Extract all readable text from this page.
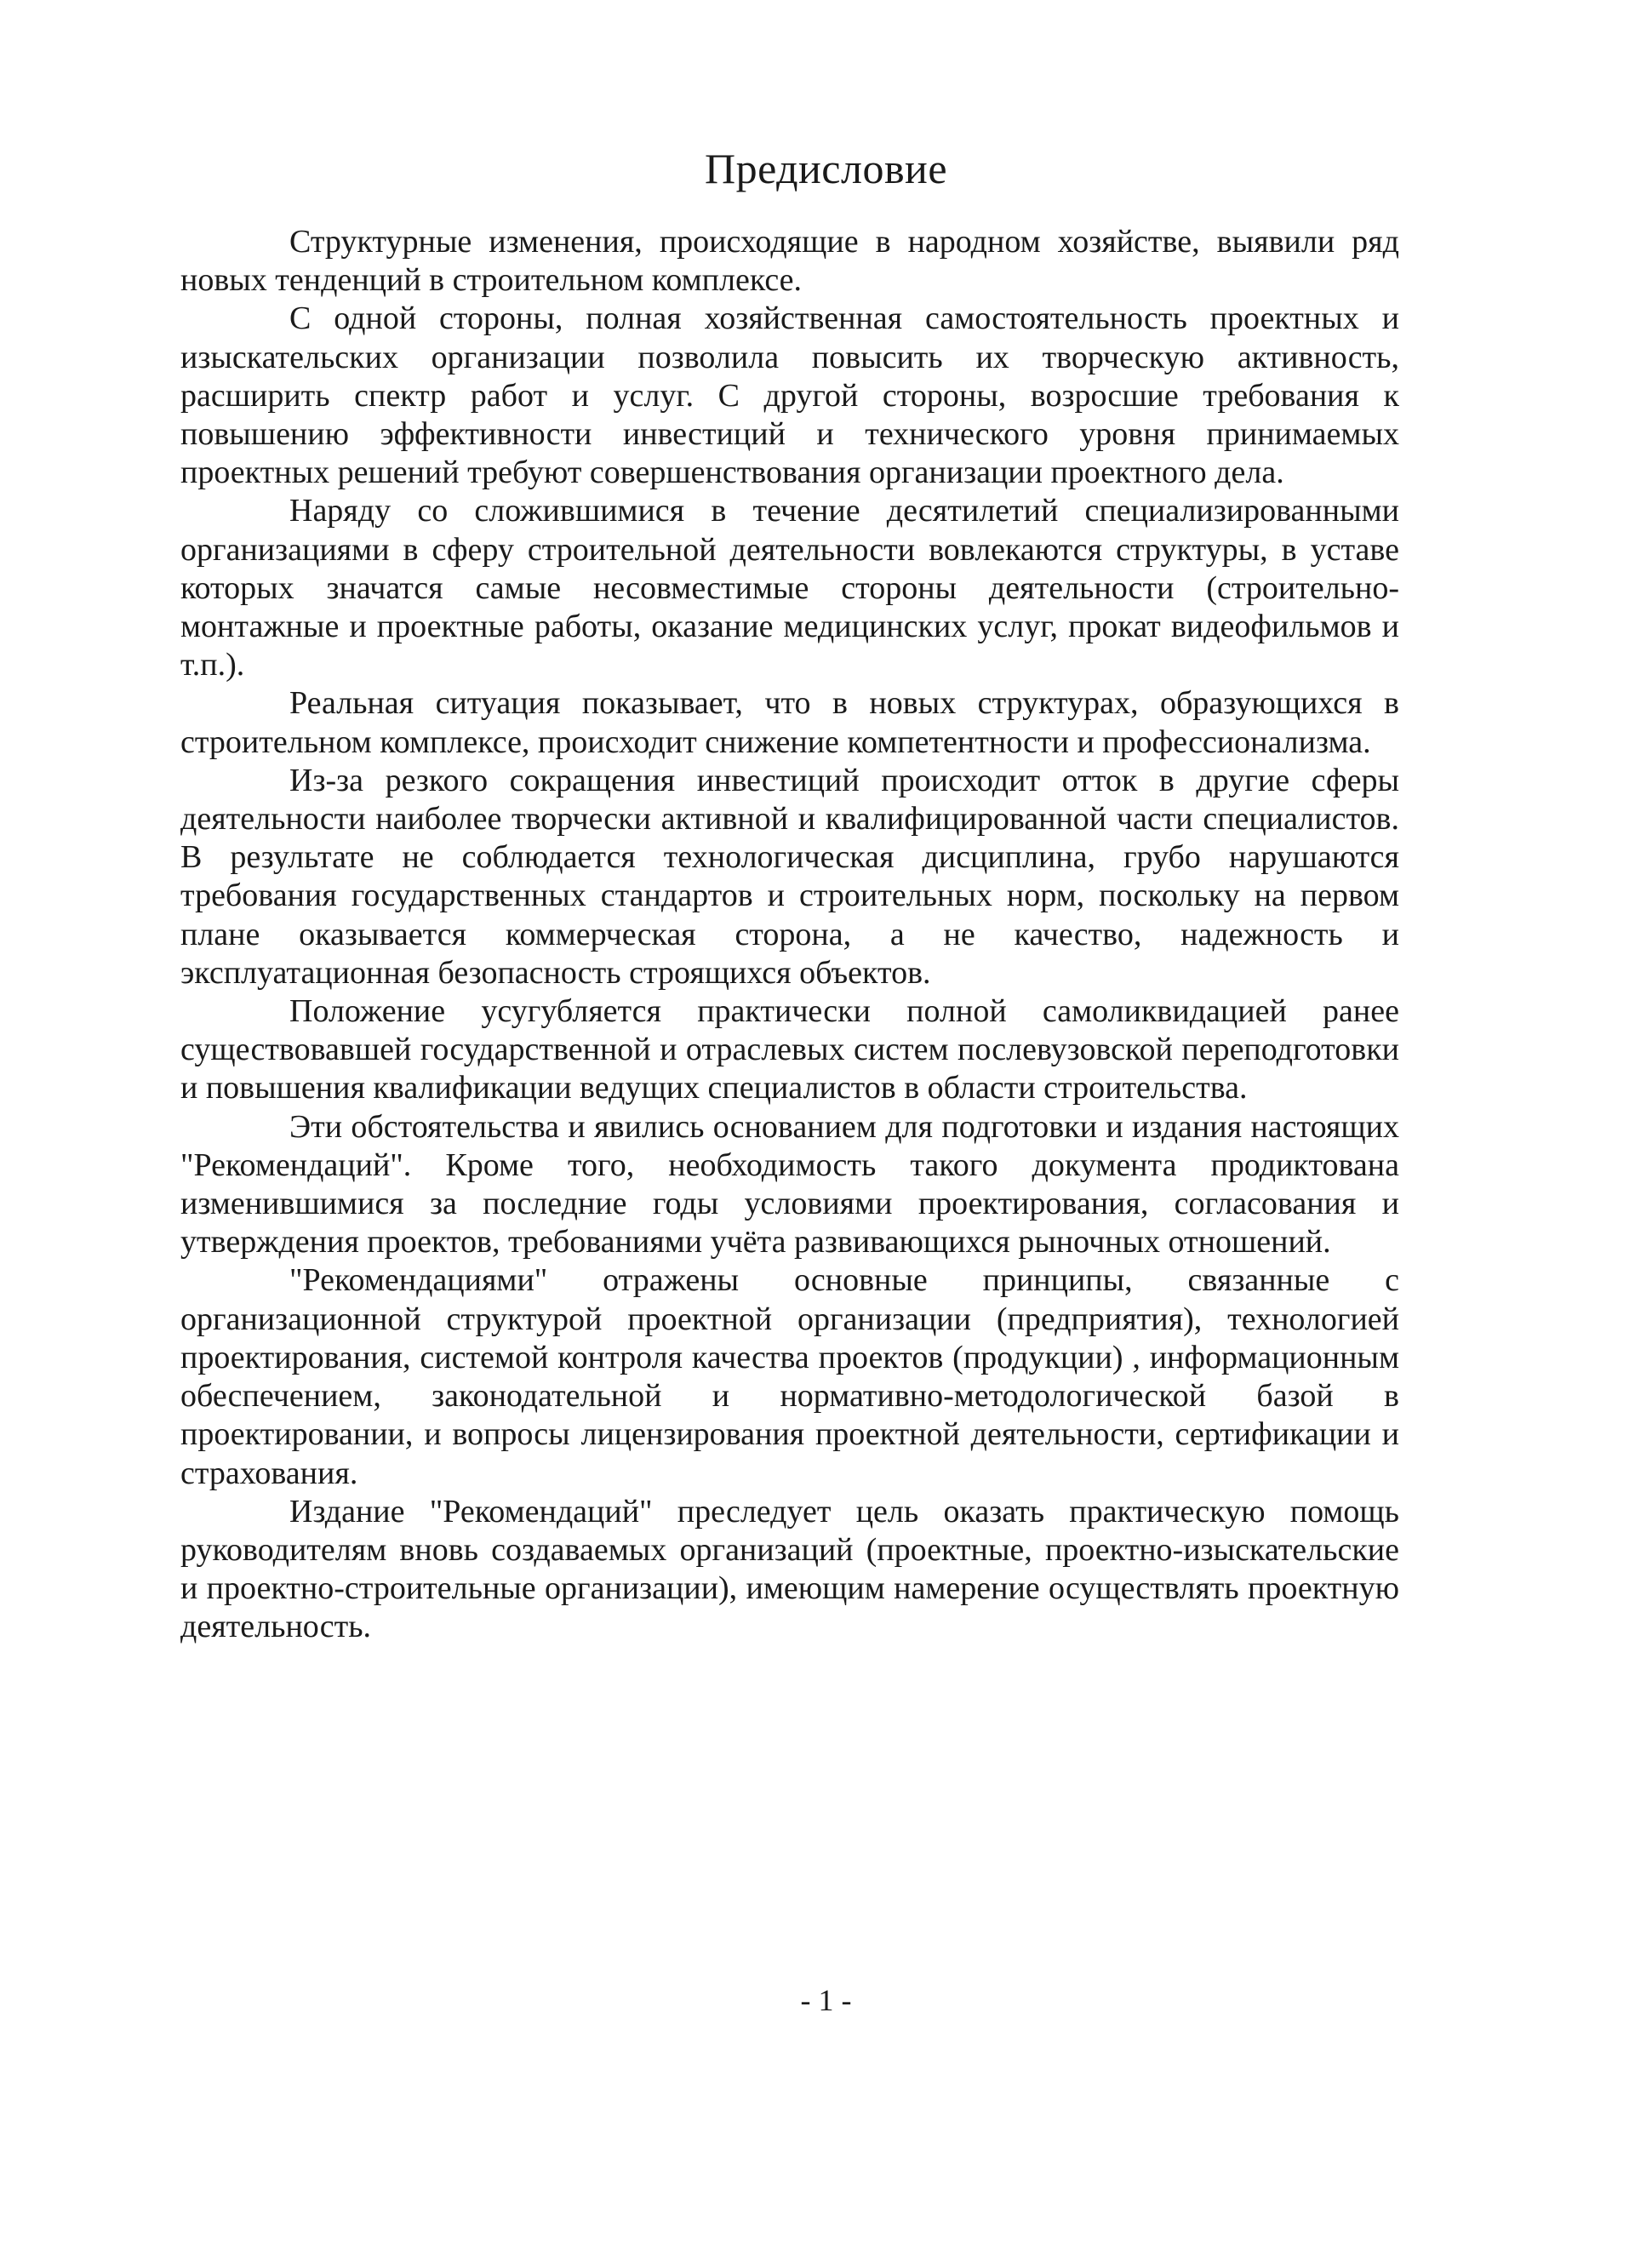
Предисловие

Структурные изменения, происходящие в народном хозяйстве, выявили ряд новых тенденций в строительном комплексе.

С одной стороны, полная хозяйственная самостоятельность проектных и изыскательских организации позволила повысить их творческую активность, расширить спектр работ и услуг. С другой стороны, возросшие требования к повышению эффективности инвестиций и технического уровня принимаемых проектных решений требуют совершенствования организации проектного дела.

Наряду со сложившимися в течение десятилетий специализированными организациями в сферу строительной деятельности вовлекаются структуры, в уставе которых значатся самые несовместимые стороны деятельности (строительно-монтажные и проектные работы, оказание медицинских услуг, прокат видеофильмов и т.п.).

Реальная ситуация показывает, что в новых структурах, образующихся в строительном комплексе, происходит снижение компетентности и профессионализма.

Из-за резкого сокращения инвестиций происходит отток в другие сферы деятельности наиболее творчески активной и квалифицированной части специалистов. В результате не соблюдается технологическая дисциплина, грубо нарушаются требования государственных стандартов и строительных норм, поскольку на первом плане оказывается коммерческая сторона, а не качество, надежность и эксплуатационная безопасность строящихся объектов.

Положение усугубляется практически полной самоликвидацией ранее существовавшей государственной и отраслевых систем послевузовской переподготовки и повышения квалификации ведущих специалистов в области строительства.

Эти обстоятельства и явились основанием для подготовки и издания настоящих "Рекомендаций". Кроме того, необходимость такого документа продиктована изменившимися за последние годы условиями проектирования, согласования и утверждения проектов, требованиями учёта развивающихся рыночных отношений.

"Рекомендациями" отражены основные принципы, связанные с организационной структурой проектной организации (предприятия), технологией проектирования, системой контроля качества проектов (продукции) , информационным обеспечением, законодательной и нормативно-методологической базой в проектировании, и вопросы лицензирования проектной деятельности, сертификации и страхования.

Издание "Рекомендаций" преследует цель оказать практическую помощь руководителям вновь создаваемых организаций (проектные, проектно-изыскательские и проектно-строительные организации), имеющим намерение осуществлять проектную деятельность.

- 1 -
